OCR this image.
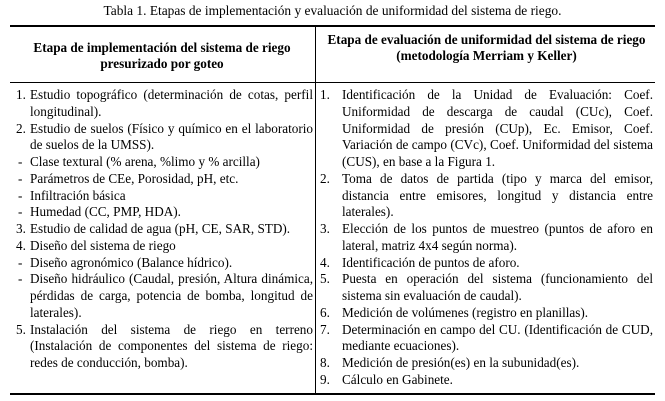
Tabla 1. Etapas de implementación y evaluación de uniformidad del sistema de riego.
Etapa de implementación del sistema de riego presurizado por goteo
Etapa de evaluación de uniformidad del sistema de riego (metodología Merriam y Keller)
1. Estudio topográfico (determinación de cotas, perfil longitudinal).
2. Estudio de suelos (Físico y químico en el laboratorio de suelos de la UMSS).
- Clase textural (% arena, %limo y % arcilla)
- Parámetros de CEe, Porosidad, pH, etc.
- Infiltración básica
- Humedad (CC, PMP, HDA).
3. Estudio de calidad de agua (pH, CE, SAR, STD).
4. Diseño del sistema de riego
- Diseño agronómico (Balance hídrico).
- Diseño hidráulico (Caudal, presión, Altura dinámica, pérdidas de carga, potencia de bomba, longitud de laterales).
5. Instalación del sistema de riego en terreno (Instalación de componentes del sistema de riego: redes de conducción, bomba).
1. Identificación de la Unidad de Evaluación: Coef. Uniformidad de descarga de caudal (CUc), Coef. Uniformidad de presión (CUp), Ec. Emisor, Coef. Variación de campo (CVc), Coef. Uniformidad del sistema (CUS), en base a la Figura 1.
2. Toma de datos de partida (tipo y marca del emisor, distancia entre emisores, longitud y distancia entre laterales).
3. Elección de los puntos de muestreo (puntos de aforo en lateral, matriz 4x4 según norma).
4. Identificación de puntos de aforo.
5. Puesta en operación del sistema (funcionamiento del sistema sin evaluación de caudal).
6. Medición de volúmenes (registro en planillas).
7. Determinación en campo del CU. (Identificación de CUD, mediante ecuaciones).
8. Medición de presión(es) en la subunidad(es).
9. Cálculo en Gabinete.
